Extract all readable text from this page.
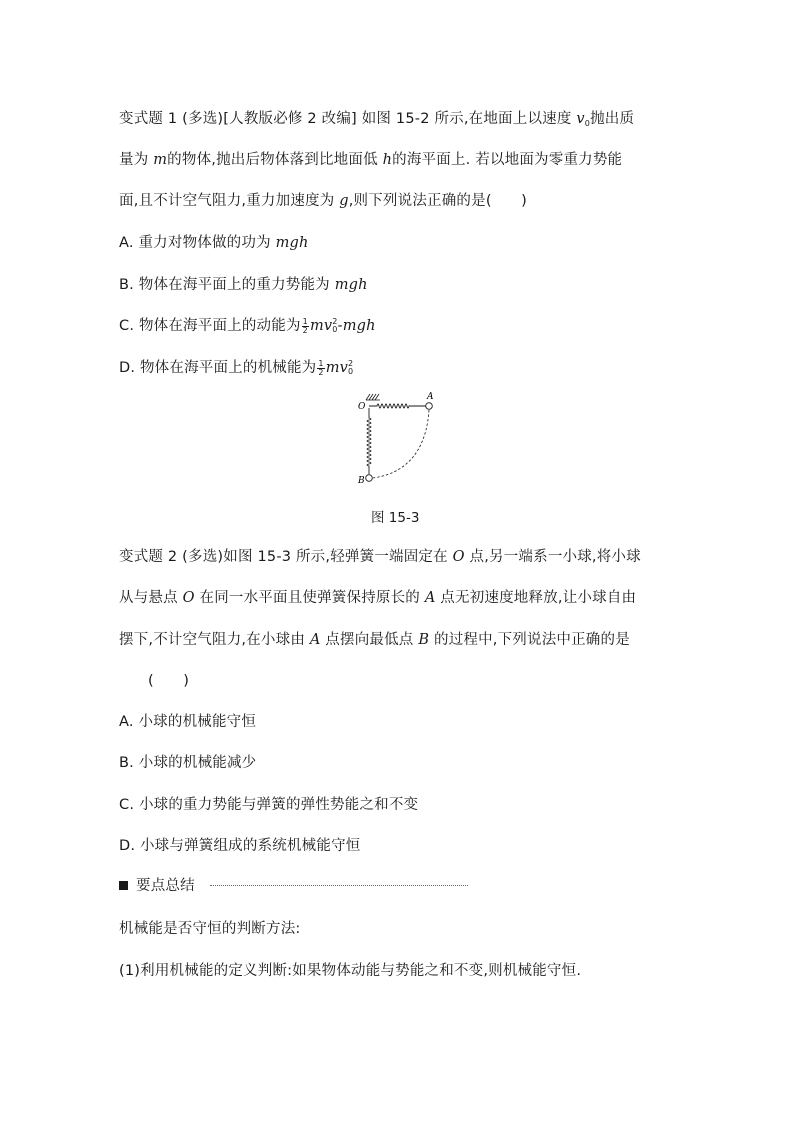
变式题 1 (多选)[人教版必修 2 改编] 如图 15-2 所示,在地面上以速度 $v_0$抛出质
量为 m的物体,抛出后物体落到比地面低 h的海平面上. 若以地面为零重力势能
面,且不计空气阻力,重力加速度为 g,则下列说法正确的是(　　)
A. 重力对物体做的功为 mgh
B. 物体在海平面上的重力势能为 mgh
C. 物体在海平面上的动能为 $\frac{1}{2}$ mv 2
0 -mgh
D. 物体在海平面上的机械能为 $\frac{1}{2}$ mv 2
0
O
A
B
图 15-3
变式题 2 (多选)如图 15-3 所示,轻弹簧一端固定在 O 点,另一端系一小球,将小球
从与悬点 O 在同一水平面且使弹簧保持原长的 A 点无初速度地释放,让小球自由
摆下,不计空气阻力,在小球由 A 点摆向最低点 B 的过程中,下列说法中正确的是
(　　)
A. 小球的机械能守恒
B. 小球的机械能减少
C. 小球的重力势能与弹簧的弹性势能之和不变
D. 小球与弹簧组成的系统机械能守恒
要点总结
机械能是否守恒的判断方法:
(1)利用机械能的定义判断:如果物体动能与势能之和不变,则机械能守恒.
